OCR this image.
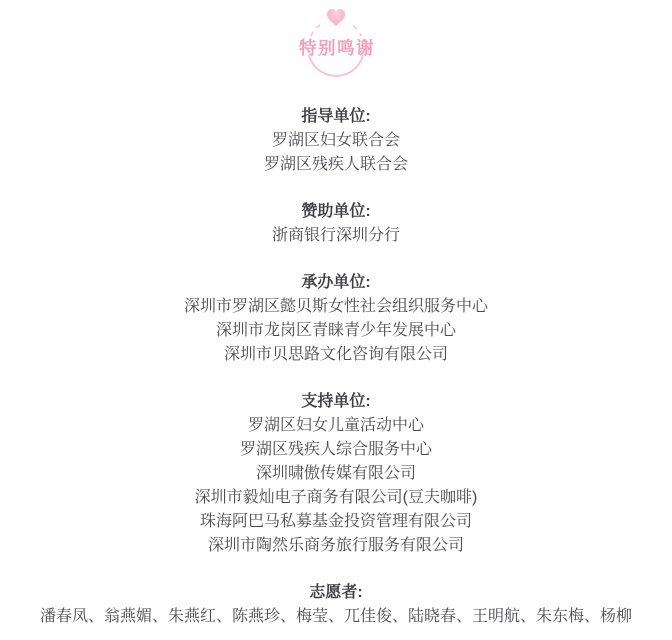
特别鸣谢
指导单位:

罗湖区妇女联合会

罗湖区残疾人联合会

赞助单位:

浙商银行深圳分行

承办单位:

深圳市罗湖区懿贝斯女性社会组织服务中心

深圳市龙岗区青睐青少年发展中心

深圳市贝思路文化咨询有限公司

支持单位:

罗湖区妇女儿童活动中心

罗湖区残疾人综合服务中心

深圳啸傲传媒有限公司

深圳市毅灿电子商务有限公司(豆夫咖啡)

珠海阿巴马私募基金投资管理有限公司

深圳市陶然乐商务旅行服务有限公司

志愿者:

潘春凤、翁燕媚、朱燕红、陈燕珍、梅莹、兀佳俊、陆晓春、王明航、朱东梅、杨柳
